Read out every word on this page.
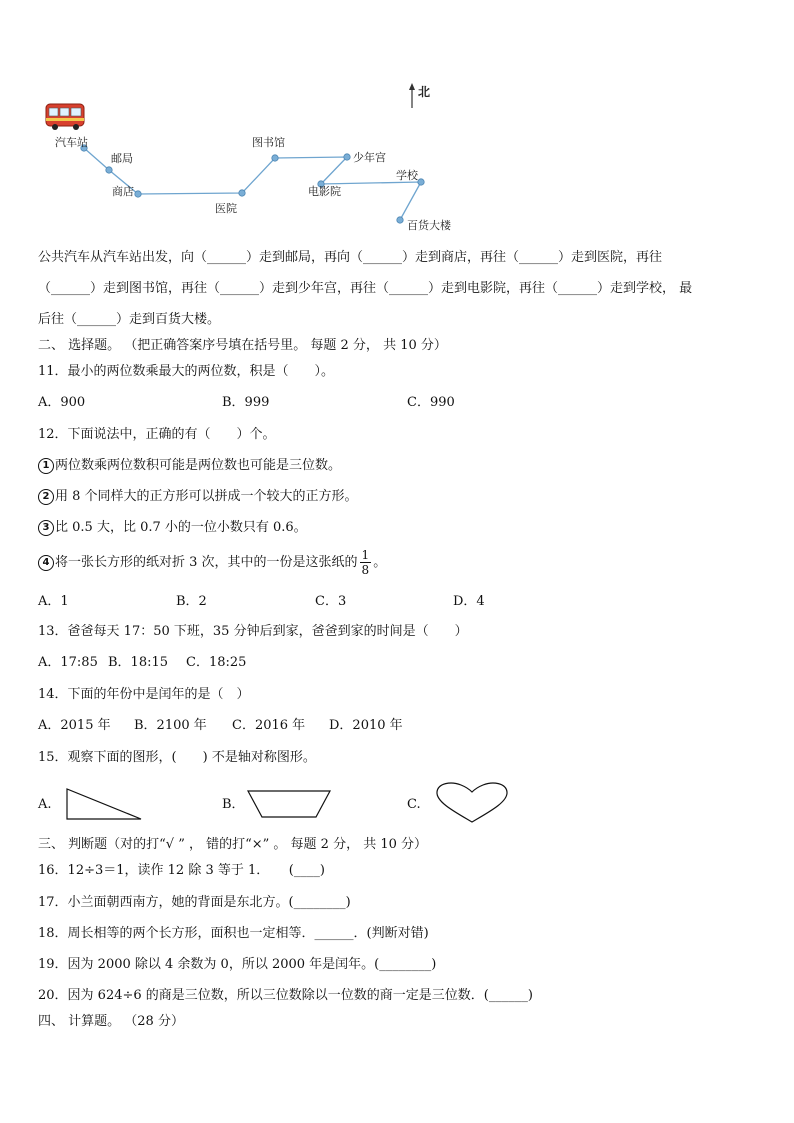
北
汽车站
邮局
商店
医院
图书馆
少年宫
电影院
学校
百货大楼
公共汽车从汽车站出发，向（______）走到邮局，再向（______）走到商店，再往（______）走到医院，再往
（______）走到图书馆，再往（______）走到少年宫，再往（______）走到电影院，再往（______）走到学校， 最
后往（______）走到百货大楼。
二、 选择题。 （把正确答案序号填在括号里。 每题 2 分， 共 10 分）
11．最小的两位数乘最大的两位数，积是（　　）。
A．900	B．999	C．990
12．下面说法中，正确的有（　　）个。
1 两位数乘两位数积可能是两位数也可能是三位数。
2 用 8 个同样大的正方形可以拼成一个较大的正方形。
3 比 0.5 大，比 0.7 小的一位小数只有 0.6。
4 将一张长方形的纸对折 3 次，其中的一份是这张纸的 $\frac{1}{8}$ 。
A．1	B．2	C．3	D．4
13．爸爸每天 17：50 下班，35 分钟后到家，爸爸到家的时间是（　　）
A．17:85 B．18:15 C．18:25
14．下面的年份中是闰年的是（　）
A．2015 年 B．2100 年 C．2016 年 D．2010 年
15．观察下面的图形，(　　) 不是轴对称图形。
A.	B．	C.
三、 判断题（对的打“√ ” ， 错的打“×” 。 每题 2 分， 共 10 分）
16．12÷3＝1，读作 12 除 3 等于 1．　　(____)
17．小兰面朝西南方，她的背面是东北方。(________)
18．周长相等的两个长方形，面积也一定相等．______．(判断对错)
19．因为 2000 除以 4 余数为 0，所以 2000 年是闰年。(________)
20．因为 624÷6 的商是三位数，所以三位数除以一位数的商一定是三位数．(______)
四、 计算题。 （28 分）
